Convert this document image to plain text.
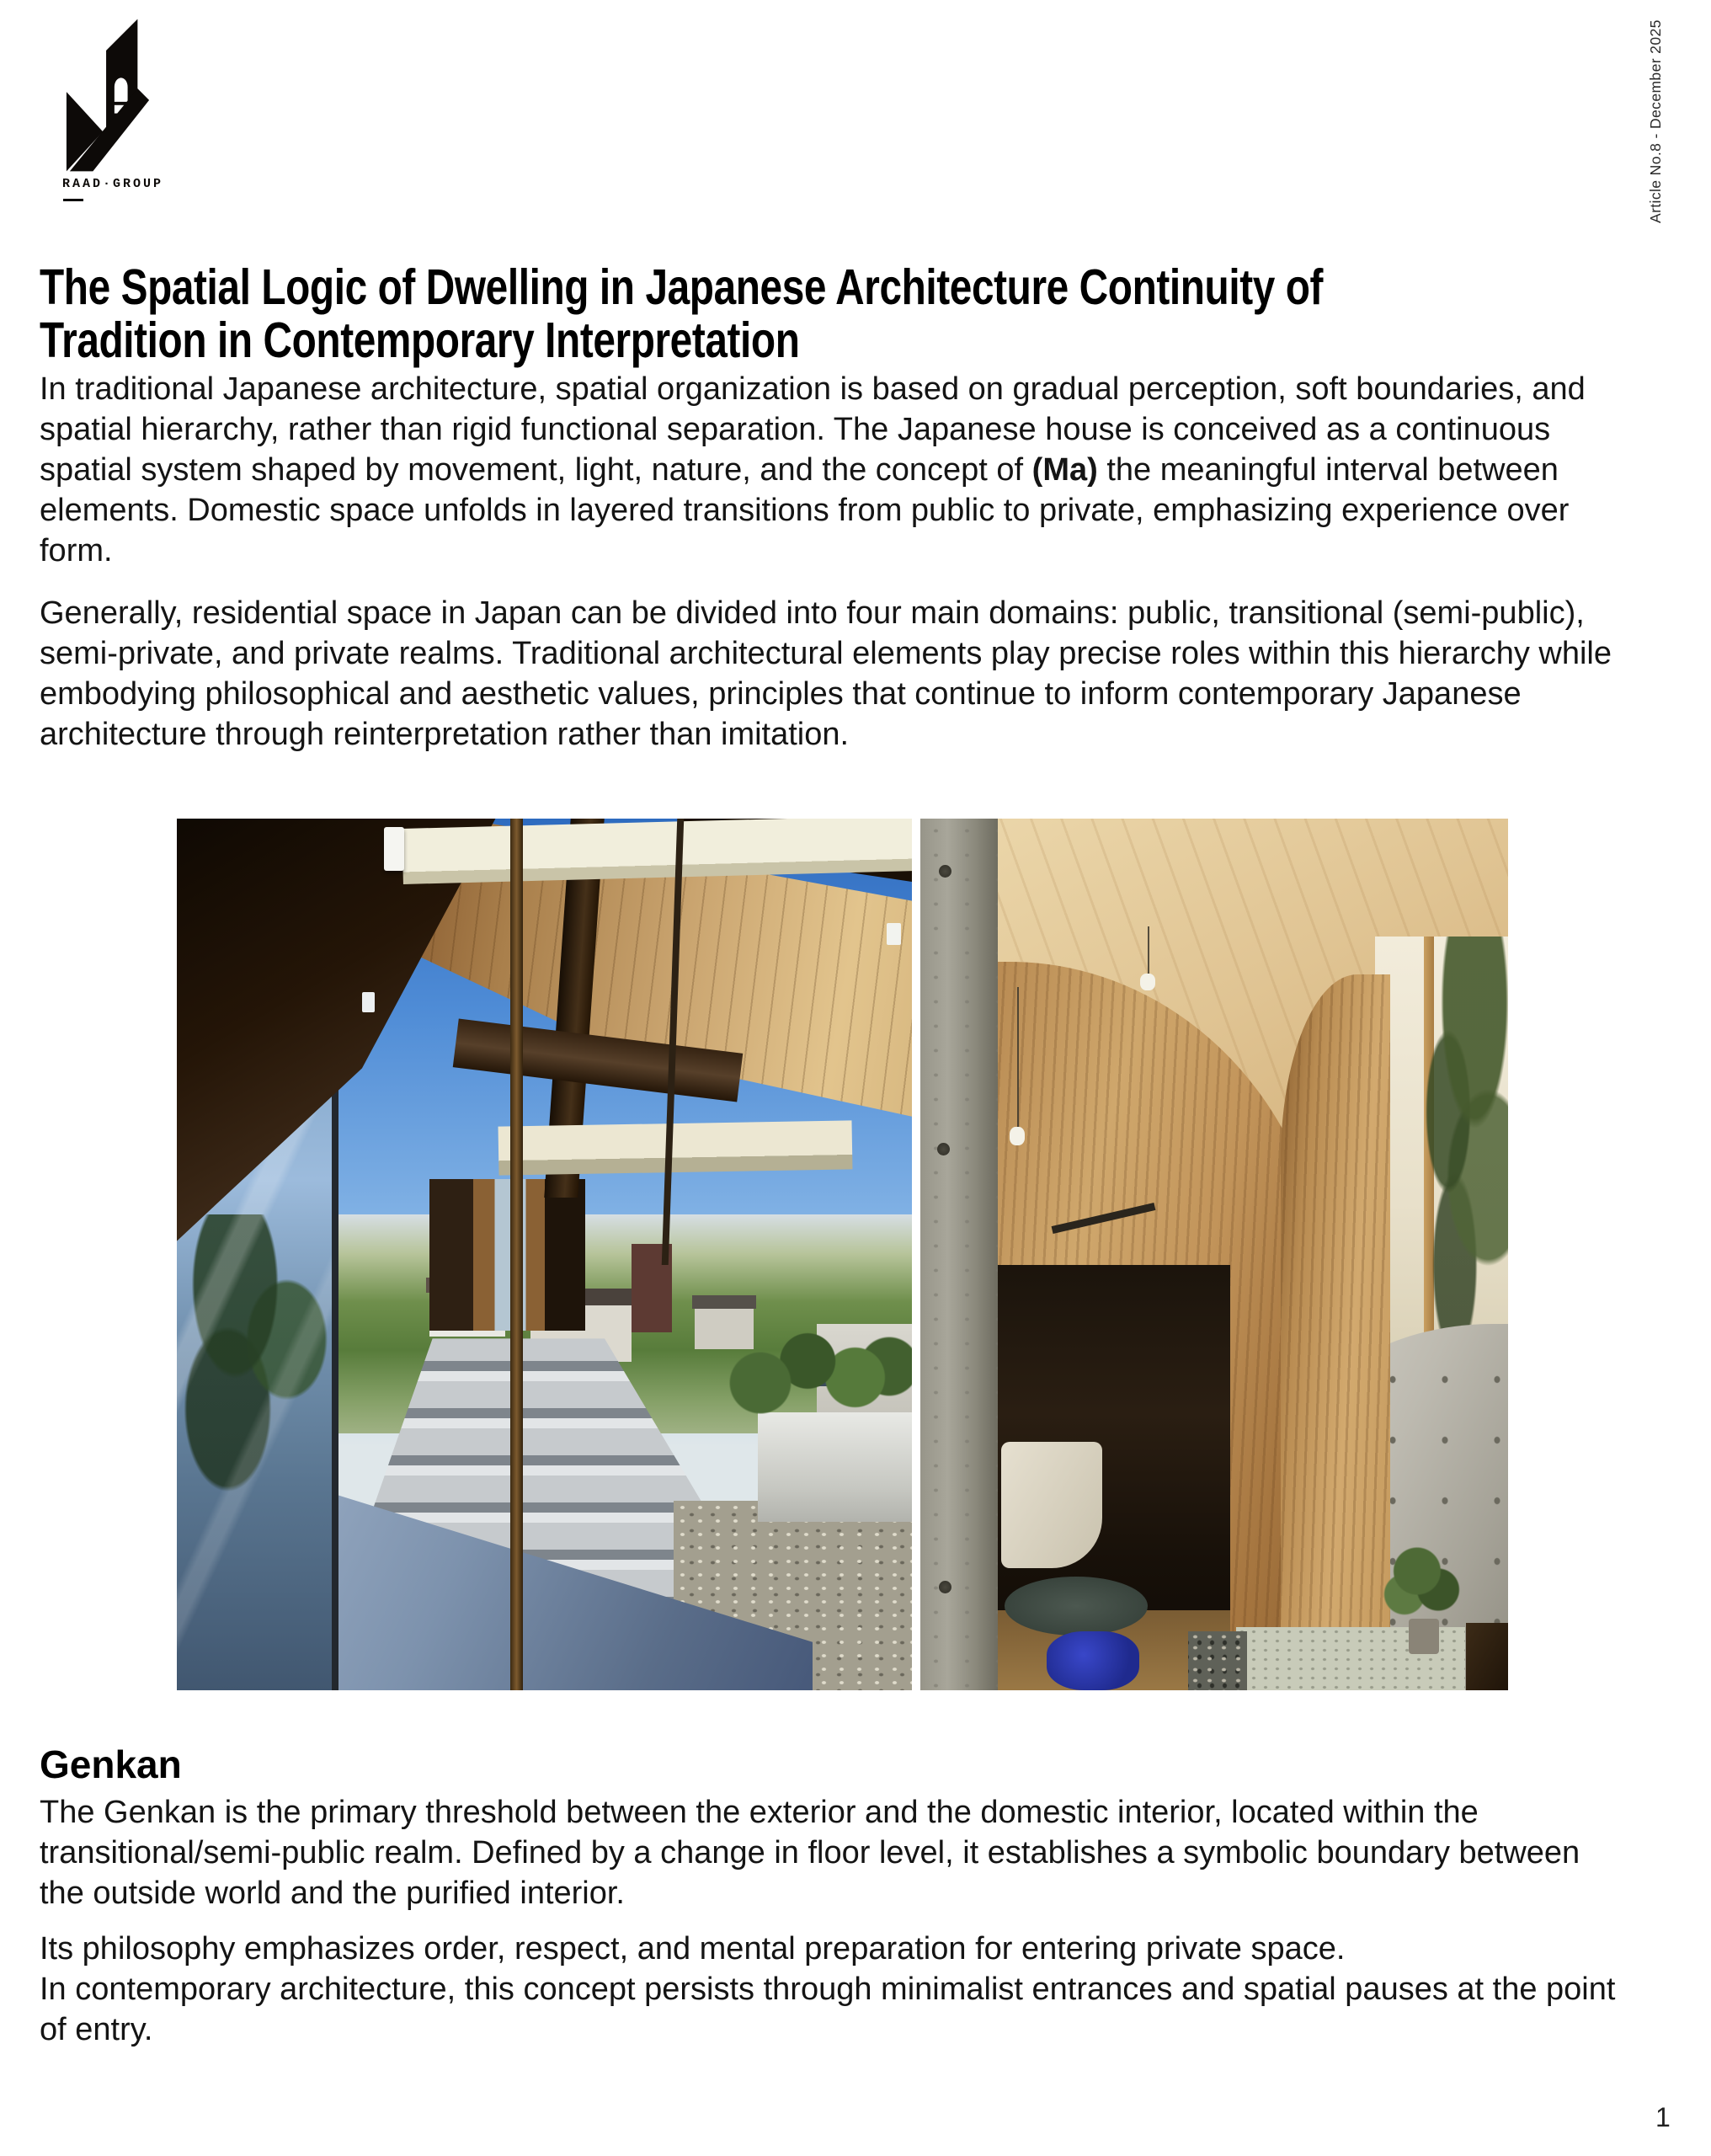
RAAD·GROUP	Article No.8 - December 2025
The Spatial Logic of Dwelling in Japanese Architecture Continuity of
Tradition in Contemporary Interpretation

In traditional Japanese architecture, spatial organization is based on gradual perception, soft boundaries, and spatial hierarchy, rather than rigid functional separation. The Japanese house is conceived as a continuous spatial system shaped by movement, light, nature, and the concept of (Ma) the meaningful interval between elements. Domestic space unfolds in layered transitions from public to private, emphasizing experience over form.

Generally, residential space in Japan can be divided into four main domains: public, transitional (semi-public), semi-private, and private realms. Traditional architectural elements play precise roles within this hierarchy while embodying philosophical and aesthetic values, principles that continue to inform contemporary Japanese architecture through reinterpretation rather than imitation.

Genkan

The Genkan is the primary threshold between the exterior and the domestic interior, located within the transitional/semi-public realm. Defined by a change in floor level, it establishes a symbolic boundary between the outside world and the purified interior.

Its philosophy emphasizes order, respect, and mental preparation for entering private space.

In contemporary architecture, this concept persists through minimalist entrances and spatial pauses at the point of entry.

1
